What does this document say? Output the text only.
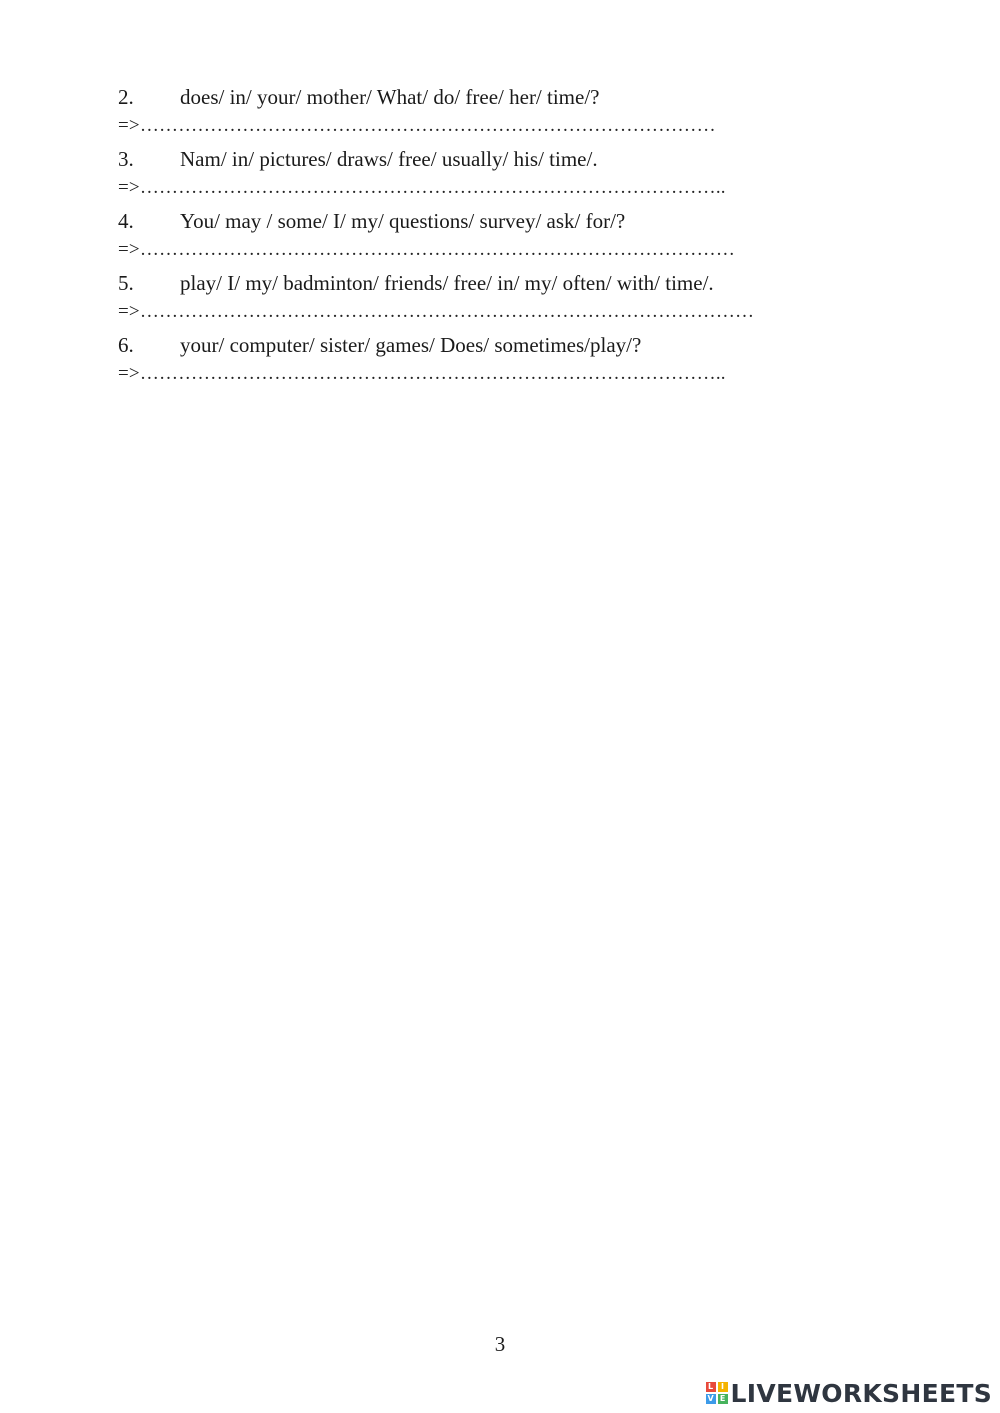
2. does/ in/ your/ mother/ What/ do/ free/ her/ time/?
=>………………………………………………………………………………
3. Nam/ in/ pictures/ draws/ free/ usually/ his/ time/.
=>………………………………………………………………………………..
4. You/ may / some/ I/ my/ questions/ survey/ ask/ for/?
=>…………………………………………………………………………………
5. play/ I/ my/ badminton/ friends/ free/ in/ my/ often/ with/ time/.
=>……………………………………………………………………………………
6. your/ computer/ sister/ games/ Does/ sometimes/play/?
=>………………………………………………………………………………..
3
L I
V E LIVEWORKSHEETS
